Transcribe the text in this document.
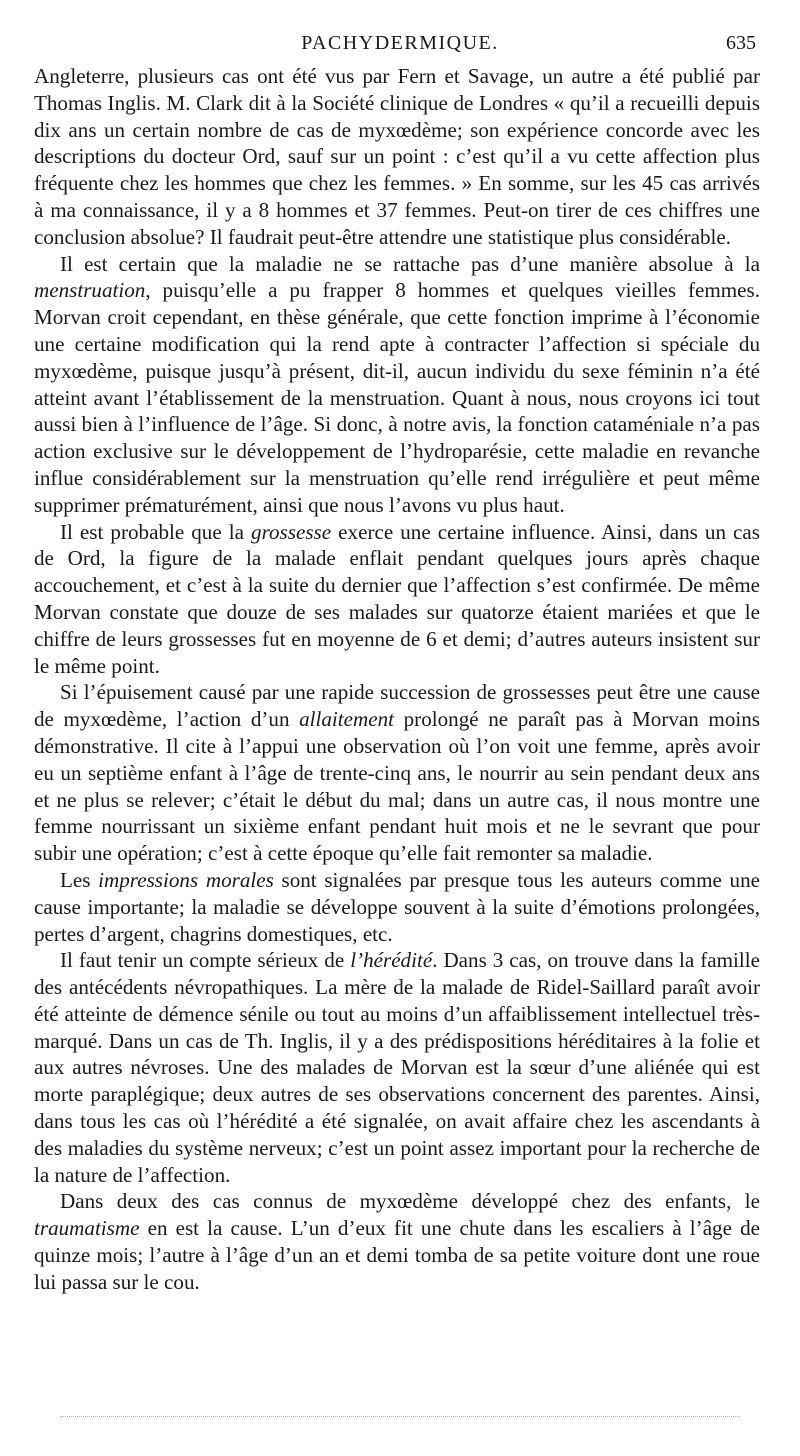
PACHYDERMIQUE.	635

Angleterre, plusieurs cas ont été vus par Fern et Savage, un autre a été publié par Thomas Inglis. M. Clark dit à la Société clinique de Londres « qu’il a recueilli depuis dix ans un certain nombre de cas de myxœdème; son expérience concorde avec les descriptions du docteur Ord, sauf sur un point : c’est qu’il a vu cette affection plus fréquente chez les hommes que chez les femmes. » En somme, sur les 45 cas arrivés à ma connaissance, il y a 8 hommes et 37 femmes. Peut-on tirer de ces chiffres une conclusion absolue? Il faudrait peut-être attendre une statistique plus considérable.

Il est certain que la maladie ne se rattache pas d’une manière absolue à la menstruation, puisqu’elle a pu frapper 8 hommes et quelques vieilles femmes. Morvan croit cependant, en thèse générale, que cette fonction imprime à l’économie une certaine modification qui la rend apte à contracter l’affection si spéciale du myxœdème, puisque jusqu’à présent, dit-il, aucun individu du sexe féminin n’a été atteint avant l’établissement de la menstruation. Quant à nous, nous croyons ici tout aussi bien à l’influence de l’âge. Si donc, à notre avis, la fonction cataméniale n’a pas action exclusive sur le développement de l’hydroparésie, cette maladie en revanche influe considérablement sur la menstruation qu’elle rend irrégulière et peut même supprimer prématurément, ainsi que nous l’avons vu plus haut.

Il est probable que la grossesse exerce une certaine influence. Ainsi, dans un cas de Ord, la figure de la malade enflait pendant quelques jours après chaque accouchement, et c’est à la suite du dernier que l’affection s’est confirmée. De même Morvan constate que douze de ses malades sur quatorze étaient mariées et que le chiffre de leurs grossesses fut en moyenne de 6 et demi; d’autres auteurs insistent sur le même point.

Si l’épuisement causé par une rapide succession de grossesses peut être une cause de myxœdème, l’action d’un allaitement prolongé ne paraît pas à Morvan moins démonstrative. Il cite à l’appui une observation où l’on voit une femme, après avoir eu un septième enfant à l’âge de trente-cinq ans, le nourrir au sein pendant deux ans et ne plus se relever; c’était le début du mal; dans un autre cas, il nous montre une femme nourrissant un sixième enfant pendant huit mois et ne le sevrant que pour subir une opération; c’est à cette époque qu’elle fait remonter sa maladie.

Les impressions morales sont signalées par presque tous les auteurs comme une cause importante; la maladie se développe souvent à la suite d’émotions prolongées, pertes d’argent, chagrins domestiques, etc.

Il faut tenir un compte sérieux de l’hérédité. Dans 3 cas, on trouve dans la famille des antécédents névropathiques. La mère de la malade de Ridel-Saillard paraît avoir été atteinte de démence sénile ou tout au moins d’un affaiblissement intellectuel très-marqué. Dans un cas de Th. Inglis, il y a des prédispositions héréditaires à la folie et aux autres névroses. Une des malades de Morvan est la sœur d’une aliénée qui est morte paraplégique; deux autres de ses observations concernent des parentes. Ainsi, dans tous les cas où l’hérédité a été signalée, on avait affaire chez les ascendants à des maladies du système nerveux; c’est un point assez important pour la recherche de la nature de l’affection.

Dans deux des cas connus de myxœdème développé chez des enfants, le traumatisme en est la cause. L’un d’eux fit une chute dans les escaliers à l’âge de quinze mois; l’autre à l’âge d’un an et demi tomba de sa petite voiture dont une roue lui passa sur le cou.
